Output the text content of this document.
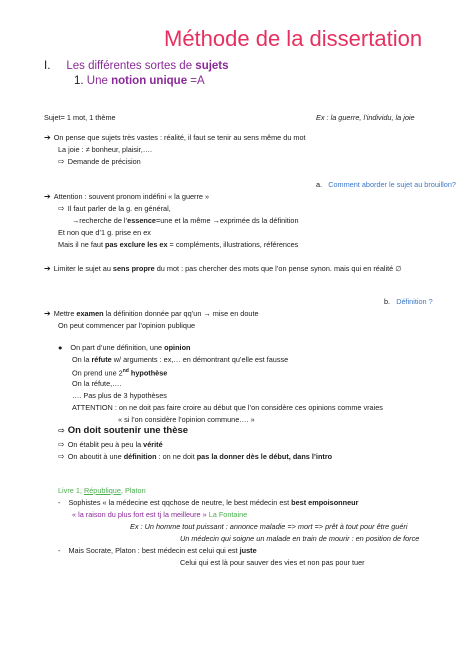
Méthode de la dissertation
I. Les différentes sortes de sujets
1. Une notion unique =A
Sujet= 1 mot, 1 thème	Ex : la guerre, l’individu, la joie
➔ On pense que sujets très vastes : réalité, il faut se tenir au sens même du mot
La joie : ≠ bonheur, plaisir,….
⇨ Demande de précision
a. Comment aborder le sujet au brouillon?
➔ Attention : souvent pronom indéfini « la guerre »
⇨ Il faut parler de la g. en général,
→recherche de l’essence=une et la même →exprimée ds la définition
Et non que d’1 g. prise en ex
Mais il ne faut pas exclure les ex = compléments, illustrations, références
➔ Limiter le sujet au sens propre du mot : pas chercher des mots que l’on pense synon. mais qui en réalité ∅
b. Définition ?
➔ Mettre examen la définition donnée par qq’un → mise en doute
On peut commencer par l’opinion publique
● On part d’une définition, une opinion
On la réfute w/ arguments : ex,… en démontrant qu’elle est fausse
On prend une 2nd hypothèse
On la réfute,….
…. Pas plus de 3 hypothèses
ATTENTION : on ne doit pas faire croire au début que l’on considère ces opinions comme vraies
« si l’on considère l’opinion commune…. »
⇨ On doit soutenir une thèse
⇨ On établit peu à peu la vérité
⇨ On aboutit à une définition : on ne doit pas la donner dès le début, dans l’intro
Livre 1, République, Platon
- Sophistes « la médecine est qqchose de neutre, le best médecin est best empoisonneur
« la raison du plus fort est tj la meilleure » La Fontaine
Ex : Un homme tout puissant : annonce maladie => mort => prêt à tout pour être guéri
Un médecin qui soigne un malade en train de mourir : en position de force
- Mais Socrate, Platon : best médecin est celui qui est juste
Celui qui est là pour sauver des vies et non pas pour tuer
